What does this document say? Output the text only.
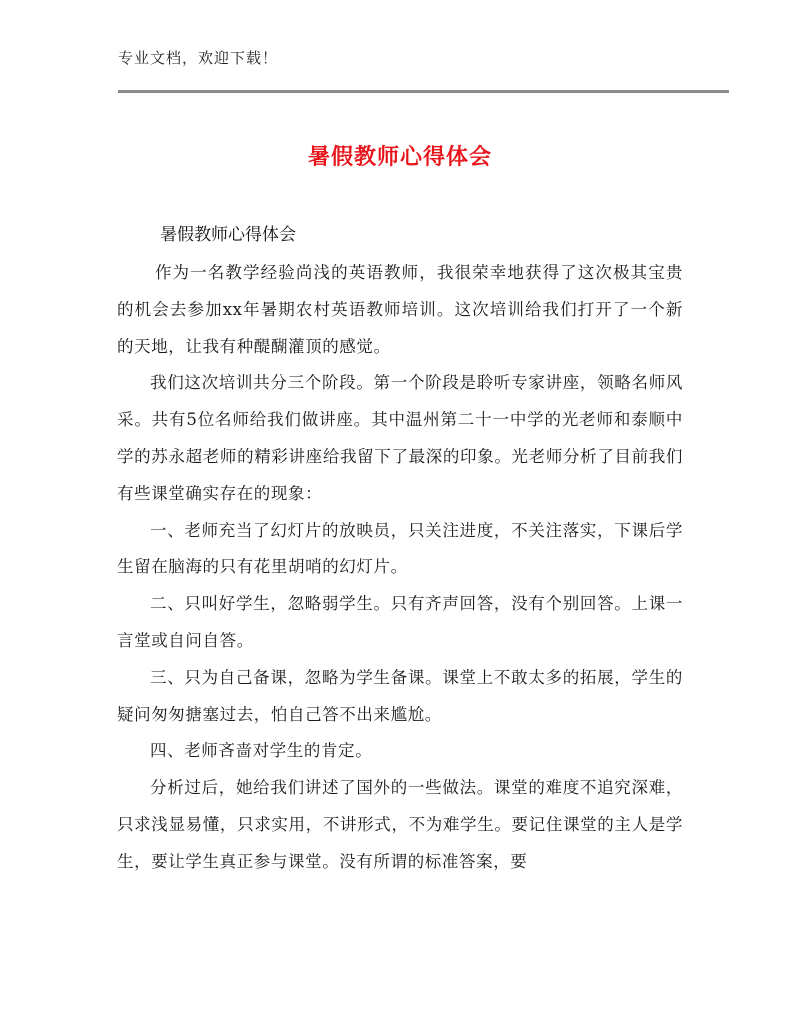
专业文档，欢迎下载！
暑假教师心得体会
暑假教师心得体会

作为一名教学经验尚浅的英语教师，我很荣幸地获得了这次极其宝贵的机会去参加xx年暑期农村英语教师培训。这次培训给我们打开了一个新的天地，让我有种醍醐灌顶的感觉。

我们这次培训共分三个阶段。第一个阶段是聆听专家讲座，领略名师风采。共有5位名师给我们做讲座。其中温州第二十一中学的光老师和泰顺中学的苏永超老师的精彩讲座给我留下了最深的印象。光老师分析了目前我们有些课堂确实存在的现象：

一、老师充当了幻灯片的放映员，只关注进度，不关注落实，下课后学生留在脑海的只有花里胡哨的幻灯片。

二、只叫好学生，忽略弱学生。只有齐声回答，没有个别回答。上课一言堂或自问自答。

三、只为自己备课，忽略为学生备课。课堂上不敢太多的拓展，学生的疑问匆匆搪塞过去，怕自己答不出来尴尬。

四、老师吝啬对学生的肯定。

分析过后，她给我们讲述了国外的一些做法。课堂的难度不追究深难，只求浅显易懂，只求实用，不讲形式，不为难学生。要记住课堂的主人是学生，要让学生真正参与课堂。没有所谓的标准答案，要
